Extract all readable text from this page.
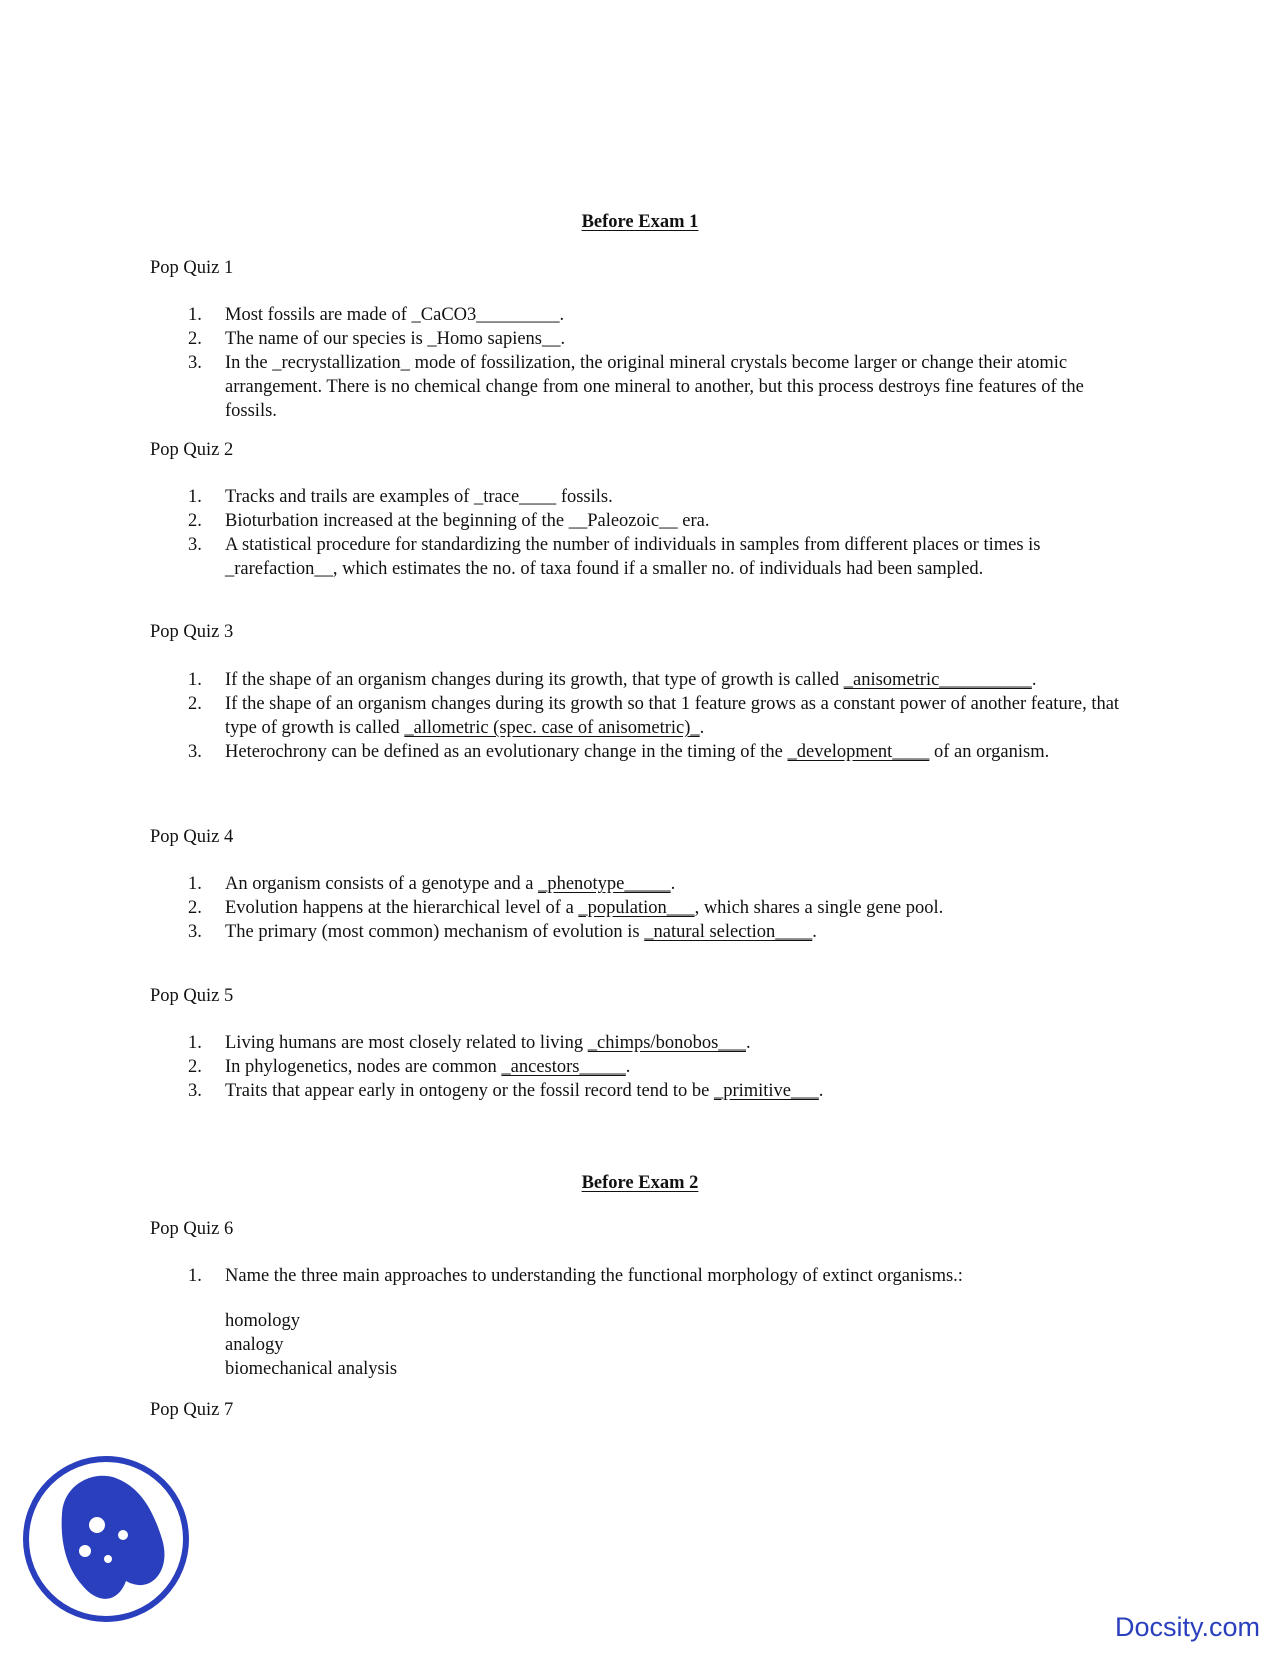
Before Exam 1
Pop Quiz 1
1. Most fossils are made of _CaCO3_________.
2. The name of our species is _Homo sapiens__.
3. In the _recrystallization_ mode of fossilization, the original mineral crystals become larger or change their atomic arrangement. There is no chemical change from one mineral to another, but this process destroys fine features of the fossils.
Pop Quiz 2
1. Tracks and trails are examples of _trace____ fossils.
2. Bioturbation increased at the beginning of the __Paleozoic__ era.
3. A statistical procedure for standardizing the number of individuals in samples from different places or times is _rarefaction__, which estimates the no. of taxa found if a smaller no. of individuals had been sampled.
Pop Quiz 3
1. If the shape of an organism changes during its growth, that type of growth is called _anisometric__________.
2. If the shape of an organism changes during its growth so that 1 feature grows as a constant power of another feature, that type of growth is called _allometric (spec. case of anisometric)_.
3. Heterochrony can be defined as an evolutionary change in the timing of the _development____ of an organism.
Pop Quiz 4
1. An organism consists of a genotype and a _phenotype_____.
2. Evolution happens at the hierarchical level of a _population___, which shares a single gene pool.
3. The primary (most common) mechanism of evolution is _natural selection____.
Pop Quiz 5
1. Living humans are most closely related to living _chimps/bonobos___.
2. In phylogenetics, nodes are common _ancestors_____.
3. Traits that appear early in ontogeny or the fossil record tend to be _primitive___.
Before Exam 2
Pop Quiz 6
1. Name the three main approaches to understanding the functional morphology of extinct organisms.:
homology
analogy
biomechanical analysis
Pop Quiz 7
Docsity.com
